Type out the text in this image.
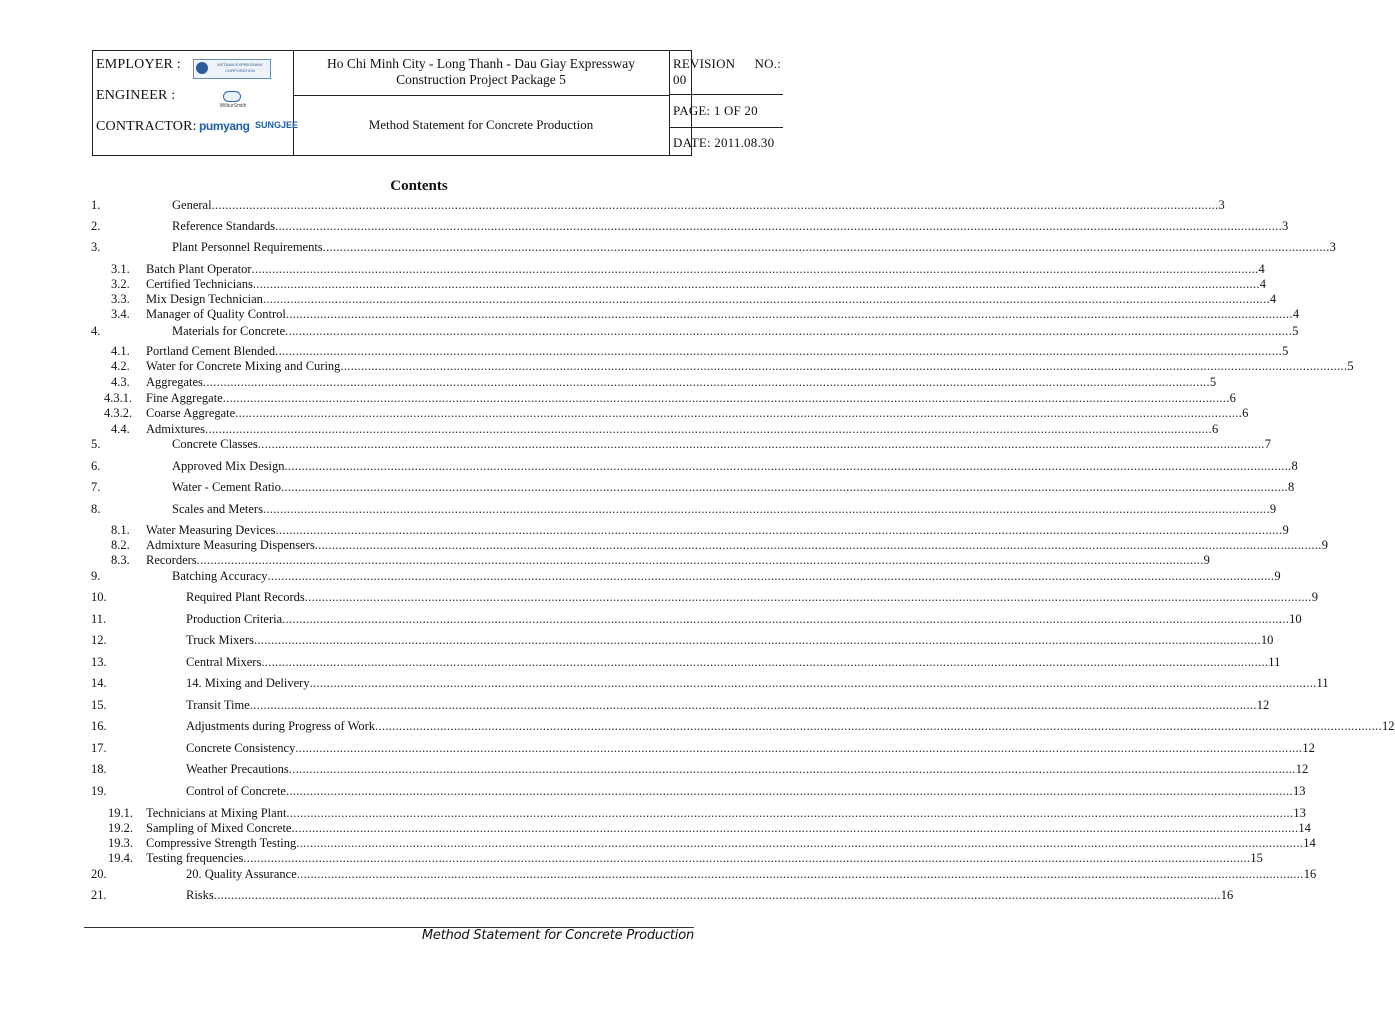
EMPLOYER :	VIETNAM EXPRESSWAY CORPORATION
ENGINEER :
WilburSmith
CONTRACTOR: pumyang SUNGJEE
Ho Chi Minh City - Long Thanh - Dau Giay Expressway Construction Project Package 5
Method Statement for Concrete Production
REVISION NO.:
00
PAGE: 1 OF 20
DATE: 2011.08.30
Contents
1.	General .....	3
2.	Reference Standards .....	3
3.	Plant Personnel Requirements .....	3
3.1. Batch Plant Operator .....	4
3.2. Certified Technicians .....	4
3.3. Mix Design Technician .....	4
3.4. Manager of Quality Control .....	4
4.	Materials for Concrete .....	5
4.1. Portland Cement Blended .....	5
4.2. Water for Concrete Mixing and Curing .....	5
4.3. Aggregates .....	5
4.3.1. Fine Aggregate .....	6
4.3.2. Coarse Aggregate .....	6
4.4. Admixtures .....	6
5.	Concrete Classes .....	7
6.	Approved Mix Design .....	8
7.	Water - Cement Ratio .....	8
8.	Scales and Meters .....	9
8.1. Water Measuring Devices .....	9
8.2. Admixture Measuring Dispensers .....	9
8.3. Recorders .....	9
9.	Batching Accuracy .....	9
10.	Required Plant Records .....	9
11.	Production Criteria .....	10
12.	Truck Mixers .....	10
13.	Central Mixers .....	11
14.	14. Mixing and Delivery .....	11
15.	Transit Time .....	12
16.	Adjustments during Progress of Work .....	12
17.	Concrete Consistency .....	12
18.	Weather Precautions .....	12
19.	Control of Concrete .....	13
19.1. Technicians at Mixing Plant .....	13
19.2. Sampling of Mixed Concrete .....	14
19.3. Compressive Strength Testing .....	14
19.4. Testing frequencies .....	15
20.	20. Quality Assurance .....	16
21.	Risks .....	16
Method Statement for Concrete Production
